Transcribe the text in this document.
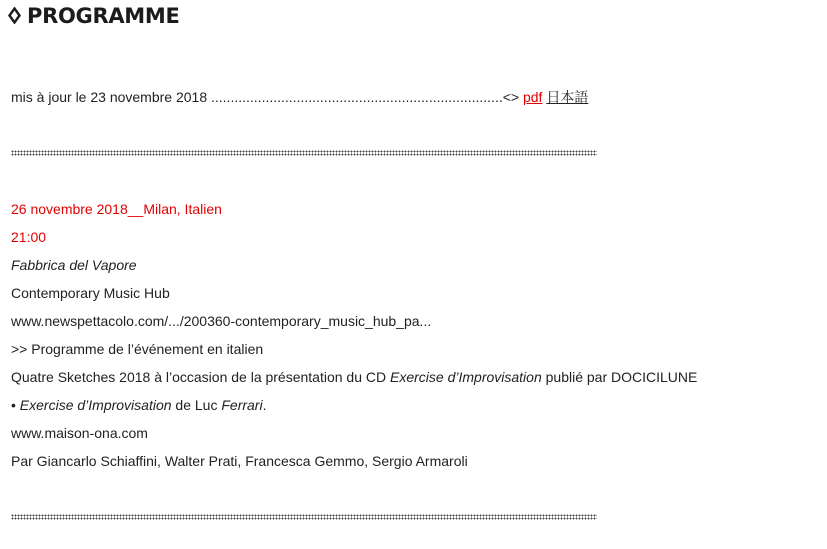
PROGRAMME

mis à jour le 23 novembre 2018 ...........................................................................<> pdf 日本語

26 novembre 2018__Milan, Italien

21:00

Fabbrica del Vapore

Contemporary Music Hub

www.newspettacolo.com/.../200360-contemporary_music_hub_pa...

>> Programme de l’événement en italien

Quatre Sketches 2018 à l’occasion de la présentation du CD Exercise d’Improvisation publié par DOCICILUNE

• Exercise d’Improvisation de Luc Ferrari.

www.maison-ona.com

Par Giancarlo Schiaffini, Walter Prati, Francesca Gemmo, Sergio Armaroli
